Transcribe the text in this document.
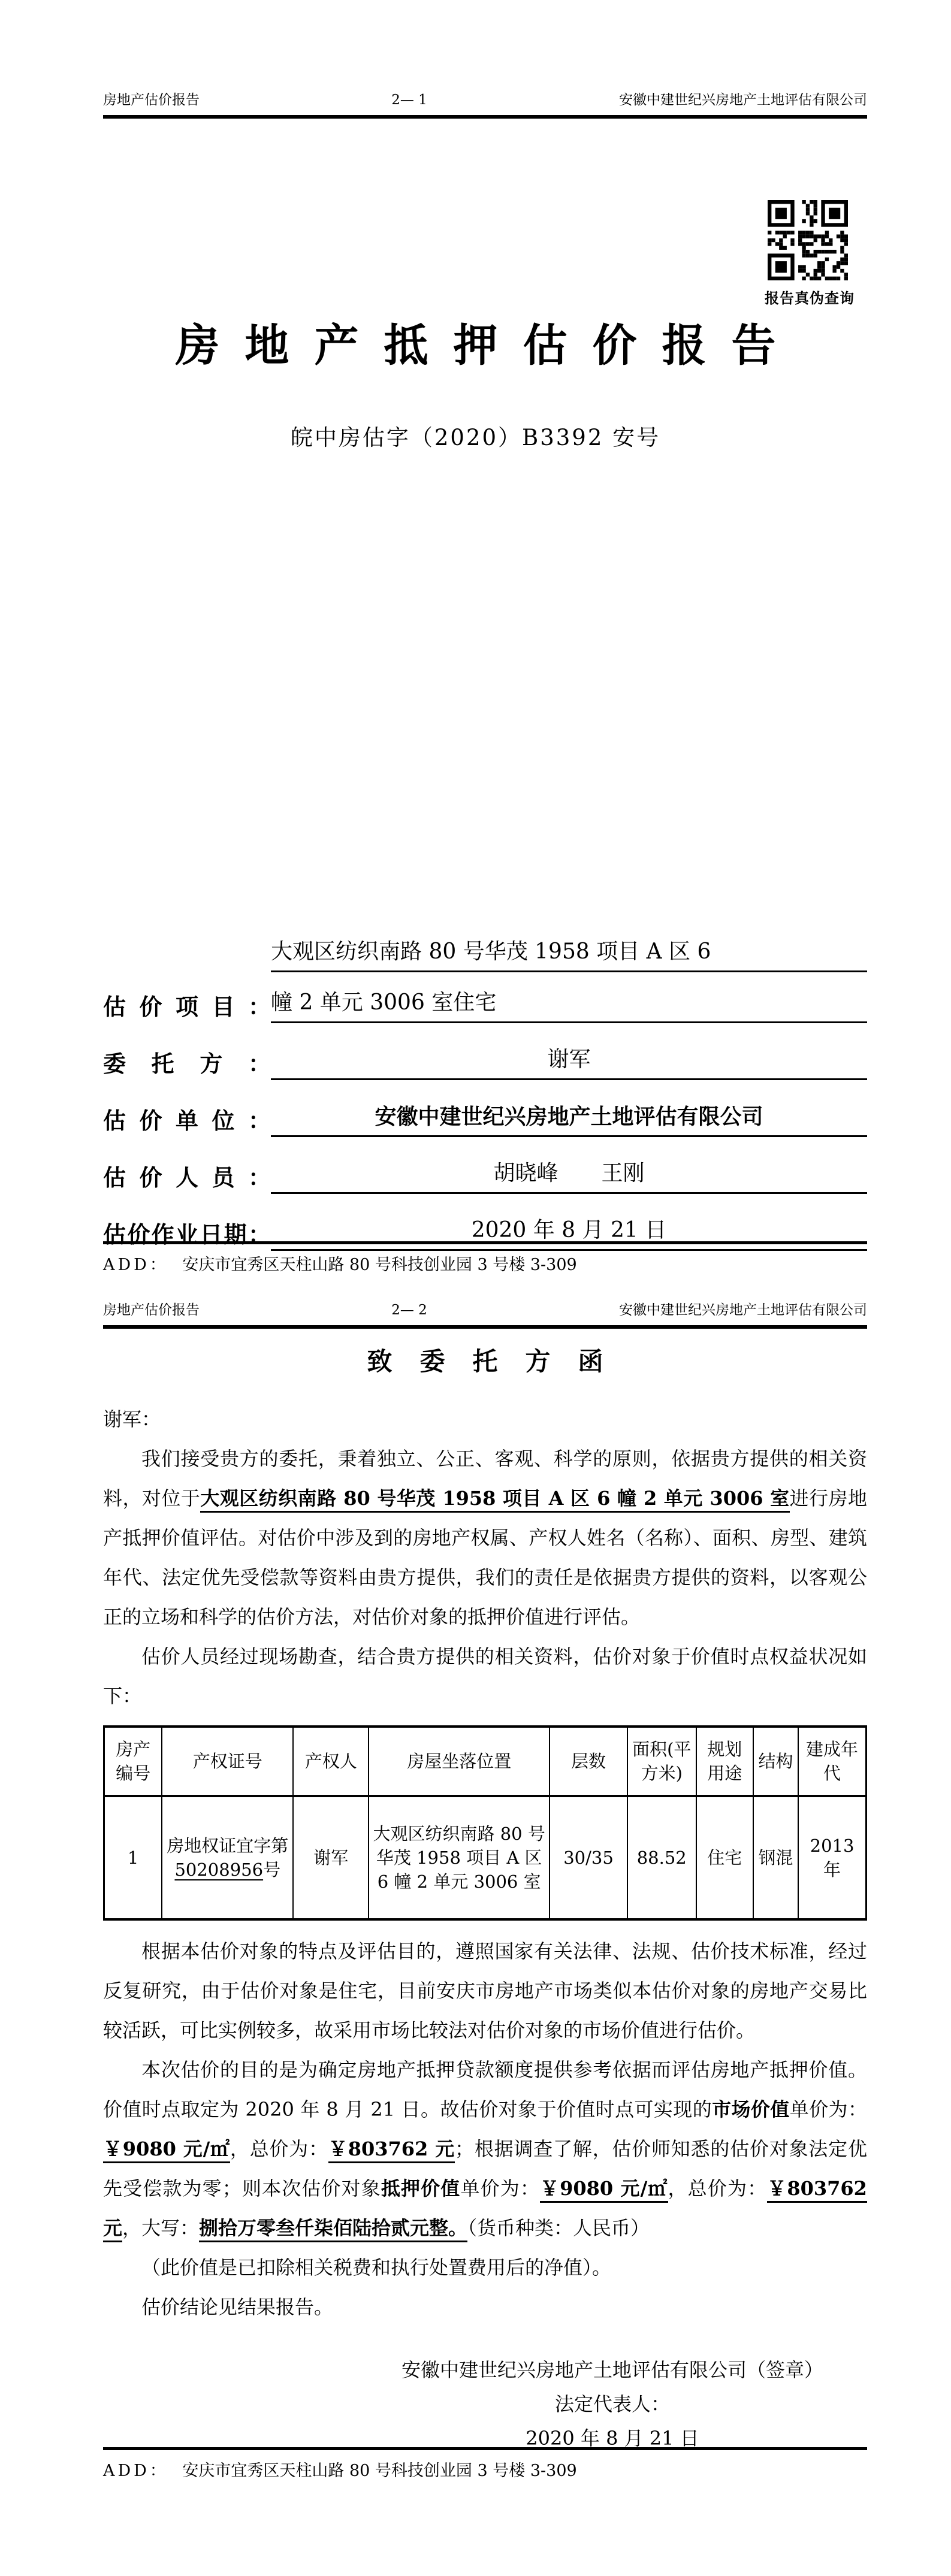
房地产估价报告	2— 1	安徽中建世纪兴房地产土地评估有限公司
报告真伪查询
房地产抵押估价报告
皖中房估字（2020）B3392 安号
估价项目：
大观区纺织南路 80 号华茂 1958 项目 A 区 6
幢 2 单元 3006 室住宅
委托方：	谢军
估价单位：	安徽中建世纪兴房地产土地评估有限公司
估价人员：	胡晓峰　　王刚
估价作业日期：	2020 年 8 月 21 日
ADD： 安庆市宜秀区天柱山路 80 号科技创业园 3 号楼 3-309
房地产估价报告	2— 2	安徽中建世纪兴房地产土地评估有限公司
致委托方函

谢军：

我们接受贵方的委托，秉着独立、公正、客观、科学的原则，依据贵方提供的相关资料，对位于大观区纺织南路 80 号华茂 1958 项目 A 区 6 幢 2 单元 3006 室进行房地产抵押价值评估。对估价中涉及到的房地产权属、产权人姓名（名称）、面积、房型、建筑年代、法定优先受偿款等资料由贵方提供，我们的责任是依据贵方提供的资料，以客观公正的立场和科学的估价方法，对估价对象的抵押价值进行评估。

估价人员经过现场勘查，结合贵方提供的相关资料，估价对象于价值时点权益状况如下：

房产编号	产权证号	产权人	房屋坐落位置	层数	面积(平方米)	规划用途	结构	建成年代
1	房地权证宜字第50208956号	谢军	大观区纺织南路 80 号华茂 1958 项目 A 区 6 幢 2 单元 3006 室	30/35	88.52	住宅	钢混	2013 年

根据本估价对象的特点及评估目的，遵照国家有关法律、法规、估价技术标准，经过反复研究，由于估价对象是住宅，目前安庆市房地产市场类似本估价对象的房地产交易比较活跃，可比实例较多，故采用市场比较法对估价对象的市场价值进行估价。

本次估价的目的是为确定房地产抵押贷款额度提供参考依据而评估房地产抵押价值。价值时点取定为 2020 年 8 月 21 日。故估价对象于价值时点可实现的市场价值单价为：￥9080 元/㎡，总价为：￥803762 元；根据调查了解，估价师知悉的估价对象法定优先受偿款为零；则本次估价对象抵押价值单价为：￥9080 元/㎡，总价为：￥803762 元，大写：捌拾万零叁仟柒佰陆拾贰元整。（货币种类：人民币）

（此价值是已扣除相关税费和执行处置费用后的净值）。

估价结论见结果报告。

安徽中建世纪兴房地产土地评估有限公司（签章）
法定代表人：
2020 年 8 月 21 日
ADD： 安庆市宜秀区天柱山路 80 号科技创业园 3 号楼 3-309
